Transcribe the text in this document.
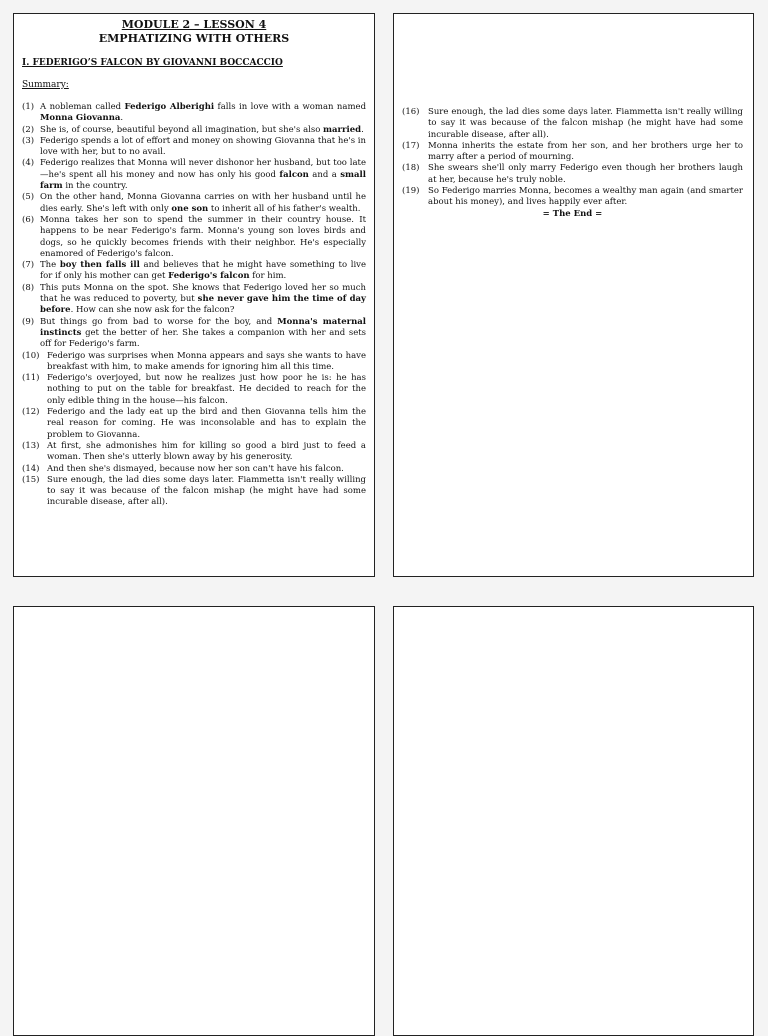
MODULE 2 – LESSON 4
EMPHATIZING WITH OTHERS
I. FEDERIGO’S FALCON BY GIOVANNI BOCCACCIO
Summary:
(1) A nobleman called Federigo Alberighi falls in love with a woman named Monna Giovanna.
(2) She is, of course, beautiful beyond all imagination, but she's also married.
(3) Federigo spends a lot of effort and money on showing Giovanna that he's in love with her, but to no avail.
(4) Federigo realizes that Monna will never dishonor her husband, but too late—he's spent all his money and now has only his good falcon and a small farm in the country.
(5) On the other hand, Monna Giovanna carries on with her husband until he dies early. She's left with only one son to inherit all of his father's wealth.
(6) Monna takes her son to spend the summer in their country house. It happens to be near Federigo's farm. Monna's young son loves birds and dogs, so he quickly becomes friends with their neighbor. He's especially enamored of Federigo's falcon.
(7) The boy then falls ill and believes that he might have something to live for if only his mother can get Federigo's falcon for him.
(8) This puts Monna on the spot. She knows that Federigo loved her so much that he was reduced to poverty, but she never gave him the time of day before. How can she now ask for the falcon?
(9) But things go from bad to worse for the boy, and Monna's maternal instincts get the better of her. She takes a companion with her and sets off for Federigo's farm.
(10) Federigo was surprises when Monna appears and says she wants to have breakfast with him, to make amends for ignoring him all this time.
(11) Federigo's overjoyed, but now he realizes just how poor he is: he has nothing to put on the table for breakfast. He decided to reach for the only edible thing in the house—his falcon.
(12) Federigo and the lady eat up the bird and then Giovanna tells him the real reason for coming. He was inconsolable and has to explain the problem to Giovanna.
(13) At first, she admonishes him for killing so good a bird just to feed a woman. Then she's utterly blown away by his generosity.
(14) And then she's dismayed, because now her son can't have his falcon.
(15) Sure enough, the lad dies some days later. Fiammetta isn't really willing to say it was because of the falcon mishap (he might have had some incurable disease, after all).
(16)	Sure enough, the lad dies some days later. Fiammetta isn't really willing to say it was because of the falcon mishap (he might have had some incurable disease, after all).
(17)	Monna inherits the estate from her son, and her brothers urge her to marry after a period of mourning.
(18)	She swears she'll only marry Federigo even though her brothers laugh at her, because he's truly noble.
(19)	So Federigo marries Monna, becomes a wealthy man again (and smarter about his money), and lives happily ever after.
= The End =
